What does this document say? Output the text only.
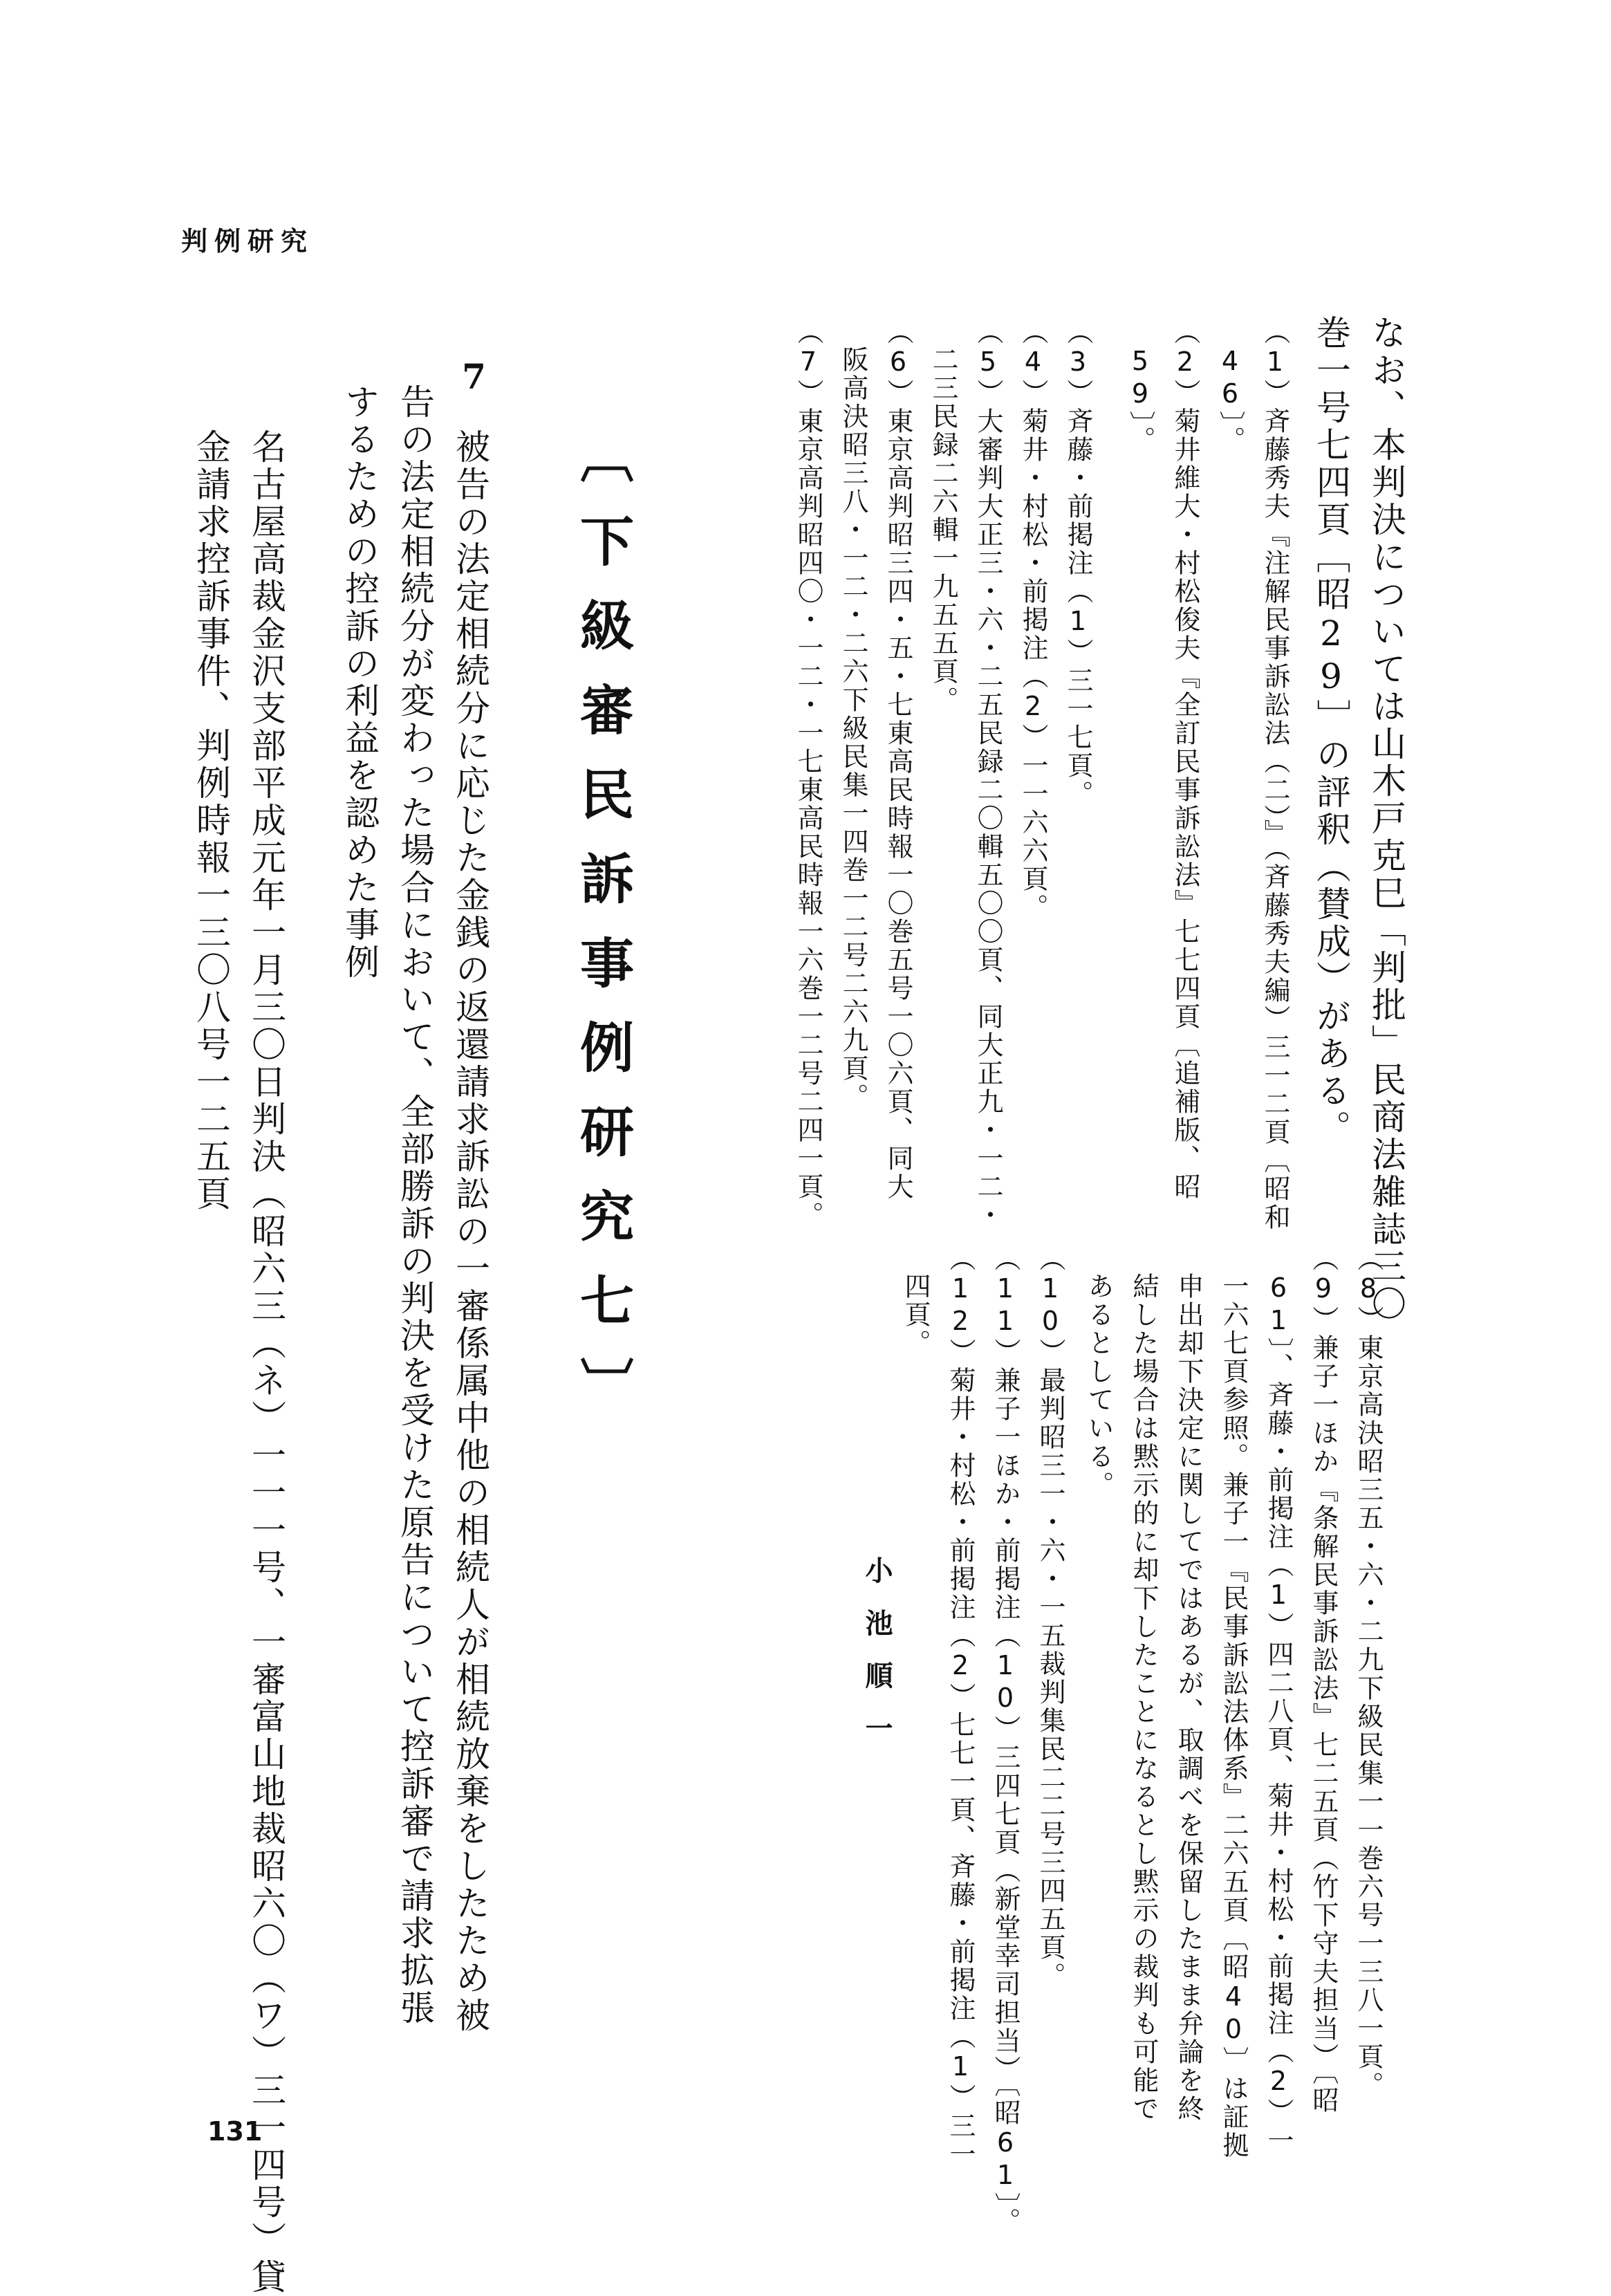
判例研究
なお、本判決については山木戸克巳「判批」民商法雑誌三〇
巻一号七四頁［昭29］の評釈（賛成）がある。
（1）斉藤秀夫『注解民事訴訟法（二）』（斉藤秀夫編）三一二頁〔昭和
46〕。
（2）菊井維大・村松俊夫『全訂民事訴訟法』七七四頁〔追補版、昭
59〕。
（3）斉藤・前掲注（1）三一七頁。
（4）菊井・村松・前掲注（2）一一六六頁。
（5）大審判大正三・六・二五民録二〇輯五〇〇頁、同大正九・一二・
二三民録二六輯一九五五頁。
（6）東京高判昭三四・五・七東高民時報一〇巻五号一〇六頁、同大
阪高決昭三八・一二・二六下級民集一四巻一二号二六九頁。
（7）東京高判昭四〇・一二・一七東高民時報一六巻一二号二四一頁。
（8）東京高決昭三五・六・二九下級民集一一巻六号一三八一頁。
（9）兼子一ほか『条解民事訴訟法』七二五頁（竹下守夫担当）〔昭
61〕、斉藤・前掲注（1）四二八頁、菊井・村松・前掲注（2）一
一六七頁参照。兼子一『民事訴訟法体系』二六五頁〔昭40〕は証拠
申出却下決定に関してではあるが、取調べを保留したまま弁論を終
結した場合は黙示的に却下したことになるとし黙示の裁判も可能で
あるとしている。
（10）最判昭三一・六・一五裁判集民二二号三四五頁。
（11）兼子一ほか・前掲注（10）三四七頁（新堂幸司担当）〔昭61〕。
（12）菊井・村松・前掲注（2）七七一頁、斉藤・前掲注（1）三一
四頁。
小池順一
〔下級審民訴事例研究七〕
7
被告の法定相続分に応じた金銭の返還請求訴訟の一審係属中他の相続人が相続放棄をしたため被
告の法定相続分が変わった場合において、全部勝訴の判決を受けた原告について控訴審で請求拡張
するための控訴の利益を認めた事例
名古屋高裁金沢支部平成元年一月三〇日判決（昭六三（ネ）一一一号、一審富山地裁昭六〇（ワ）三一四号）貸
金請求控訴事件、判例時報一三〇八号一二五頁
131
